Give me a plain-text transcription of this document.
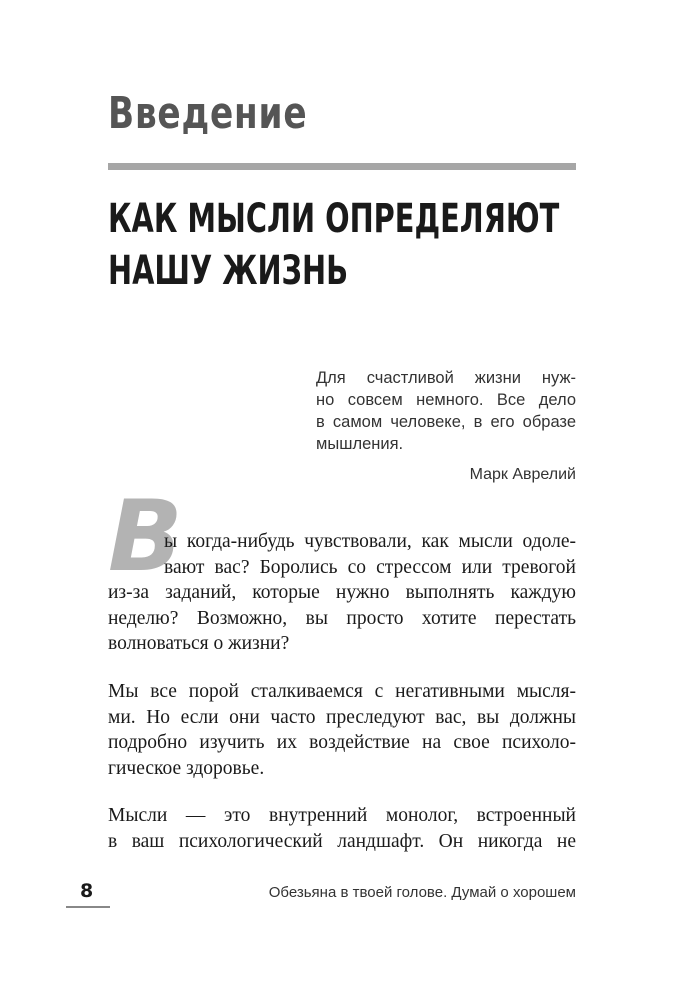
Введение
КАК МЫСЛИ ОПРЕДЕЛЯЮТ
НАШУ ЖИЗНЬ
Для счастливой жизни нуж-
но совсем немного. Все дело
в самом человеке, в его образе
мышления.
Марк Аврелий
В
ы когда-нибудь чувствовали, как мысли одоле-
вают вас? Боролись со стрессом или тревогой
из-за заданий, которые нужно выполнять каждую
неделю? Возможно, вы просто хотите перестать
волноваться о жизни?
Мы все порой сталкиваемся с негативными мысля-
ми. Но если они часто преследуют вас, вы должны
подробно изучить их воздействие на свое психоло-
гическое здоровье.
Мысли — это внутренний монолог, встроенный
в ваш психологический ландшафт. Он никогда не
8	Обезьяна в твоей голове. Думай о хорошем
